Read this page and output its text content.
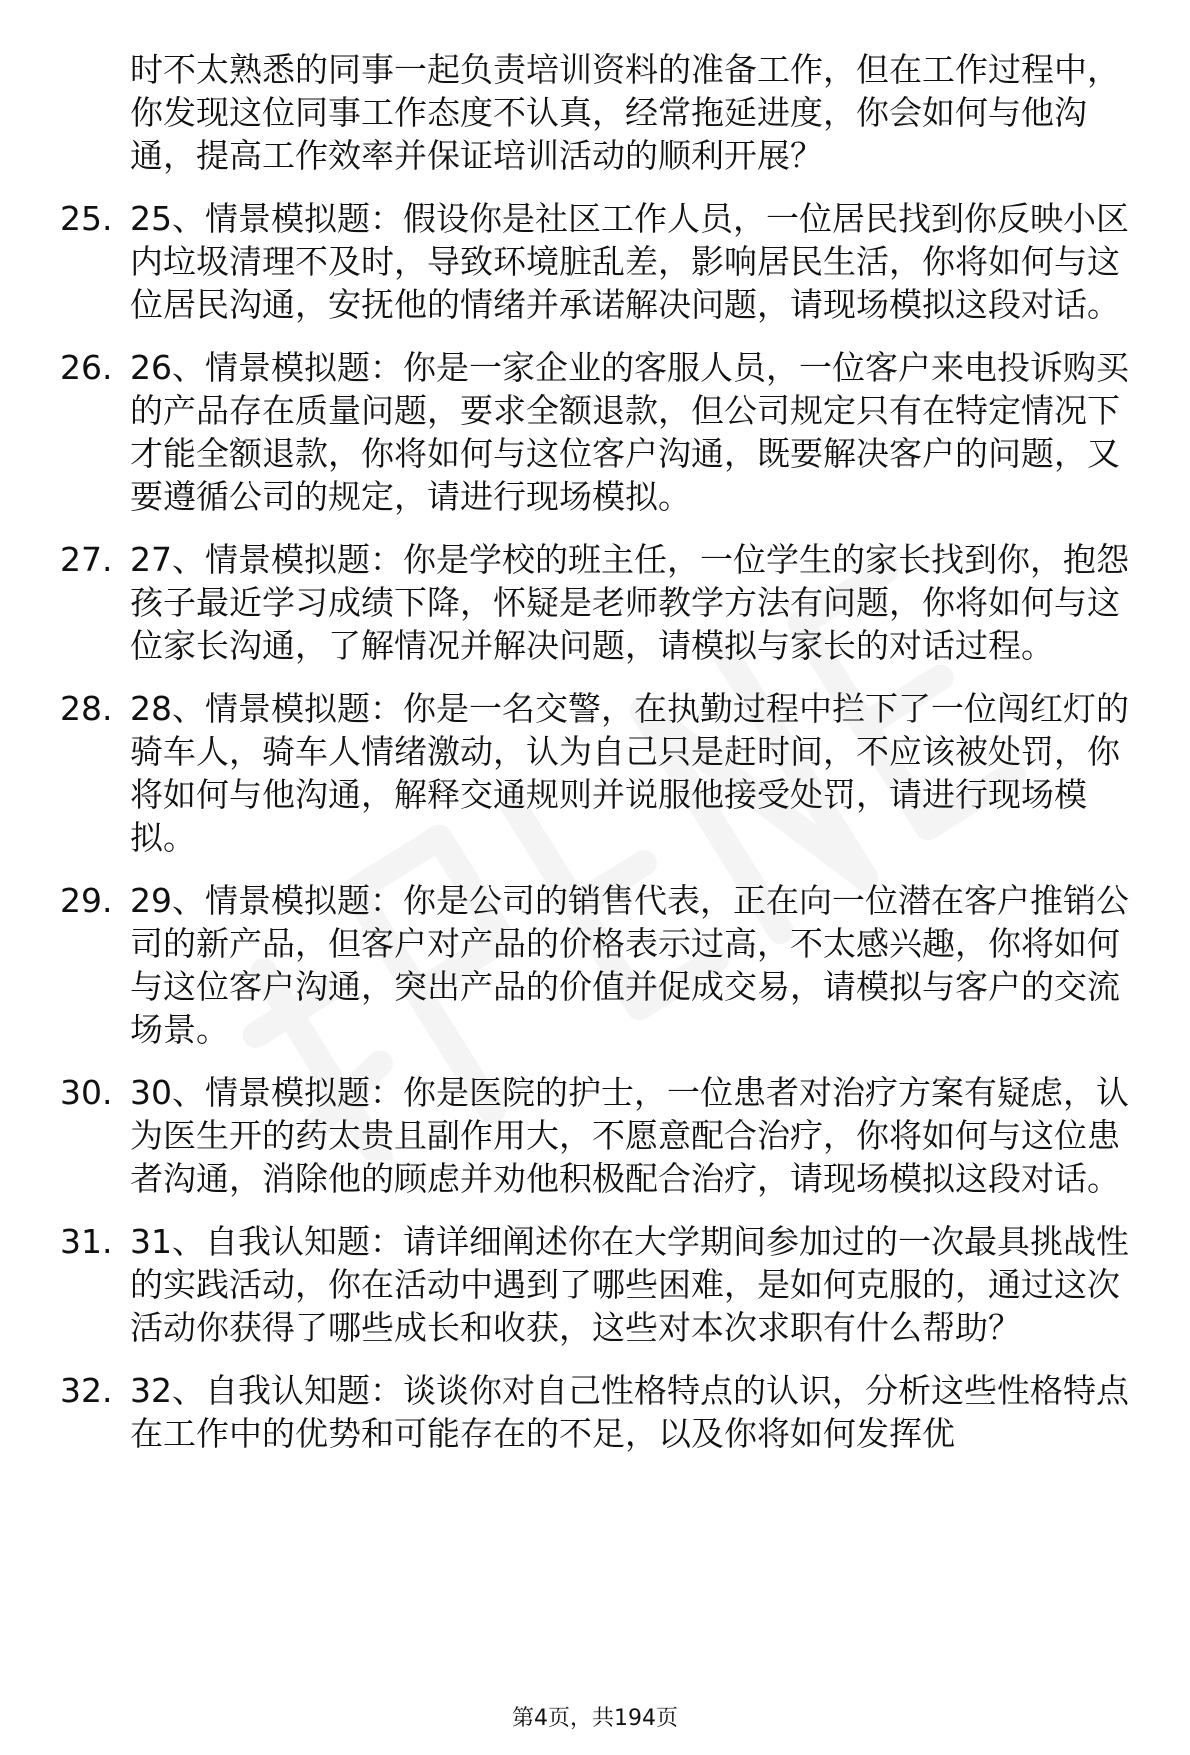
时不太熟悉的同事一起负责培训资料的准备工作，但在工作过程中，你发现这位同事工作态度不认真，经常拖延进度，你会如何与他沟通，提高工作效率并保证培训活动的顺利开展？
25. 25、情景模拟题：假设你是社区工作人员，一位居民找到你反映小区内垃圾清理不及时，导致环境脏乱差，影响居民生活，你将如何与这位居民沟通，安抚他的情绪并承诺解决问题，请现场模拟这段对话。
26. 26、情景模拟题：你是一家企业的客服人员，一位客户来电投诉购买的产品存在质量问题，要求全额退款，但公司规定只有在特定情况下才能全额退款，你将如何与这位客户沟通，既要解决客户的问题，又要遵循公司的规定，请进行现场模拟。
27. 27、情景模拟题：你是学校的班主任，一位学生的家长找到你，抱怨孩子最近学习成绩下降，怀疑是老师教学方法有问题，你将如何与这位家长沟通，了解情况并解决问题，请模拟与家长的对话过程。
28. 28、情景模拟题：你是一名交警，在执勤过程中拦下了一位闯红灯的骑车人，骑车人情绪激动，认为自己只是赶时间，不应该被处罚，你将如何与他沟通，解释交通规则并说服他接受处罚，请进行现场模拟。
29. 29、情景模拟题：你是公司的销售代表，正在向一位潜在客户推销公司的新产品，但客户对产品的价格表示过高，不太感兴趣，你将如何与这位客户沟通，突出产品的价值并促成交易，请模拟与客户的交流场景。
30. 30、情景模拟题：你是医院的护士，一位患者对治疗方案有疑虑，认为医生开的药太贵且副作用大，不愿意配合治疗，你将如何与这位患者沟通，消除他的顾虑并劝他积极配合治疗，请现场模拟这段对话。
31. 31、自我认知题：请详细阐述你在大学期间参加过的一次最具挑战性的实践活动，你在活动中遇到了哪些困难，是如何克服的，通过这次活动你获得了哪些成长和收获，这些对本次求职有什么帮助？
32. 32、自我认知题：谈谈你对自己性格特点的认识，分析这些性格特点在工作中的优势和可能存在的不足，以及你将如何发挥优
第4页，共194页
